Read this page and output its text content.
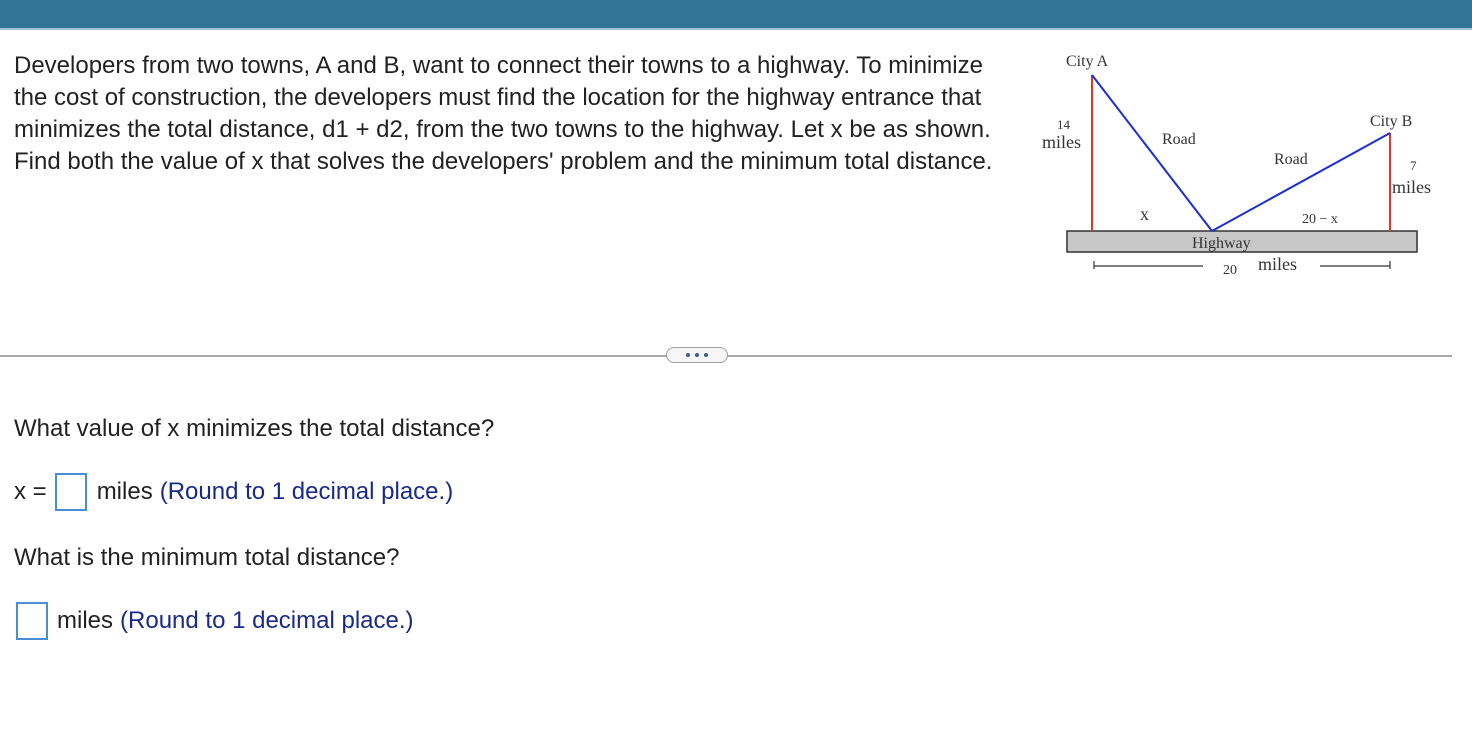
Developers from two towns, A and B, want to connect their towns to a highway. To minimize the cost of construction, the developers must find the location for the highway entrance that minimizes the total distance, d1 + d2, from the two towns to the highway. Let x be as shown. Find both the value of x that solves the developers' problem and the minimum total distance.

City A
City B
14
miles
7
miles
Road
Road
x	20 − x
Highway
20 miles

What value of x minimizes the total distance?

x = miles (Round to 1 decimal place.)

What is the minimum total distance?

miles (Round to 1 decimal place.)
